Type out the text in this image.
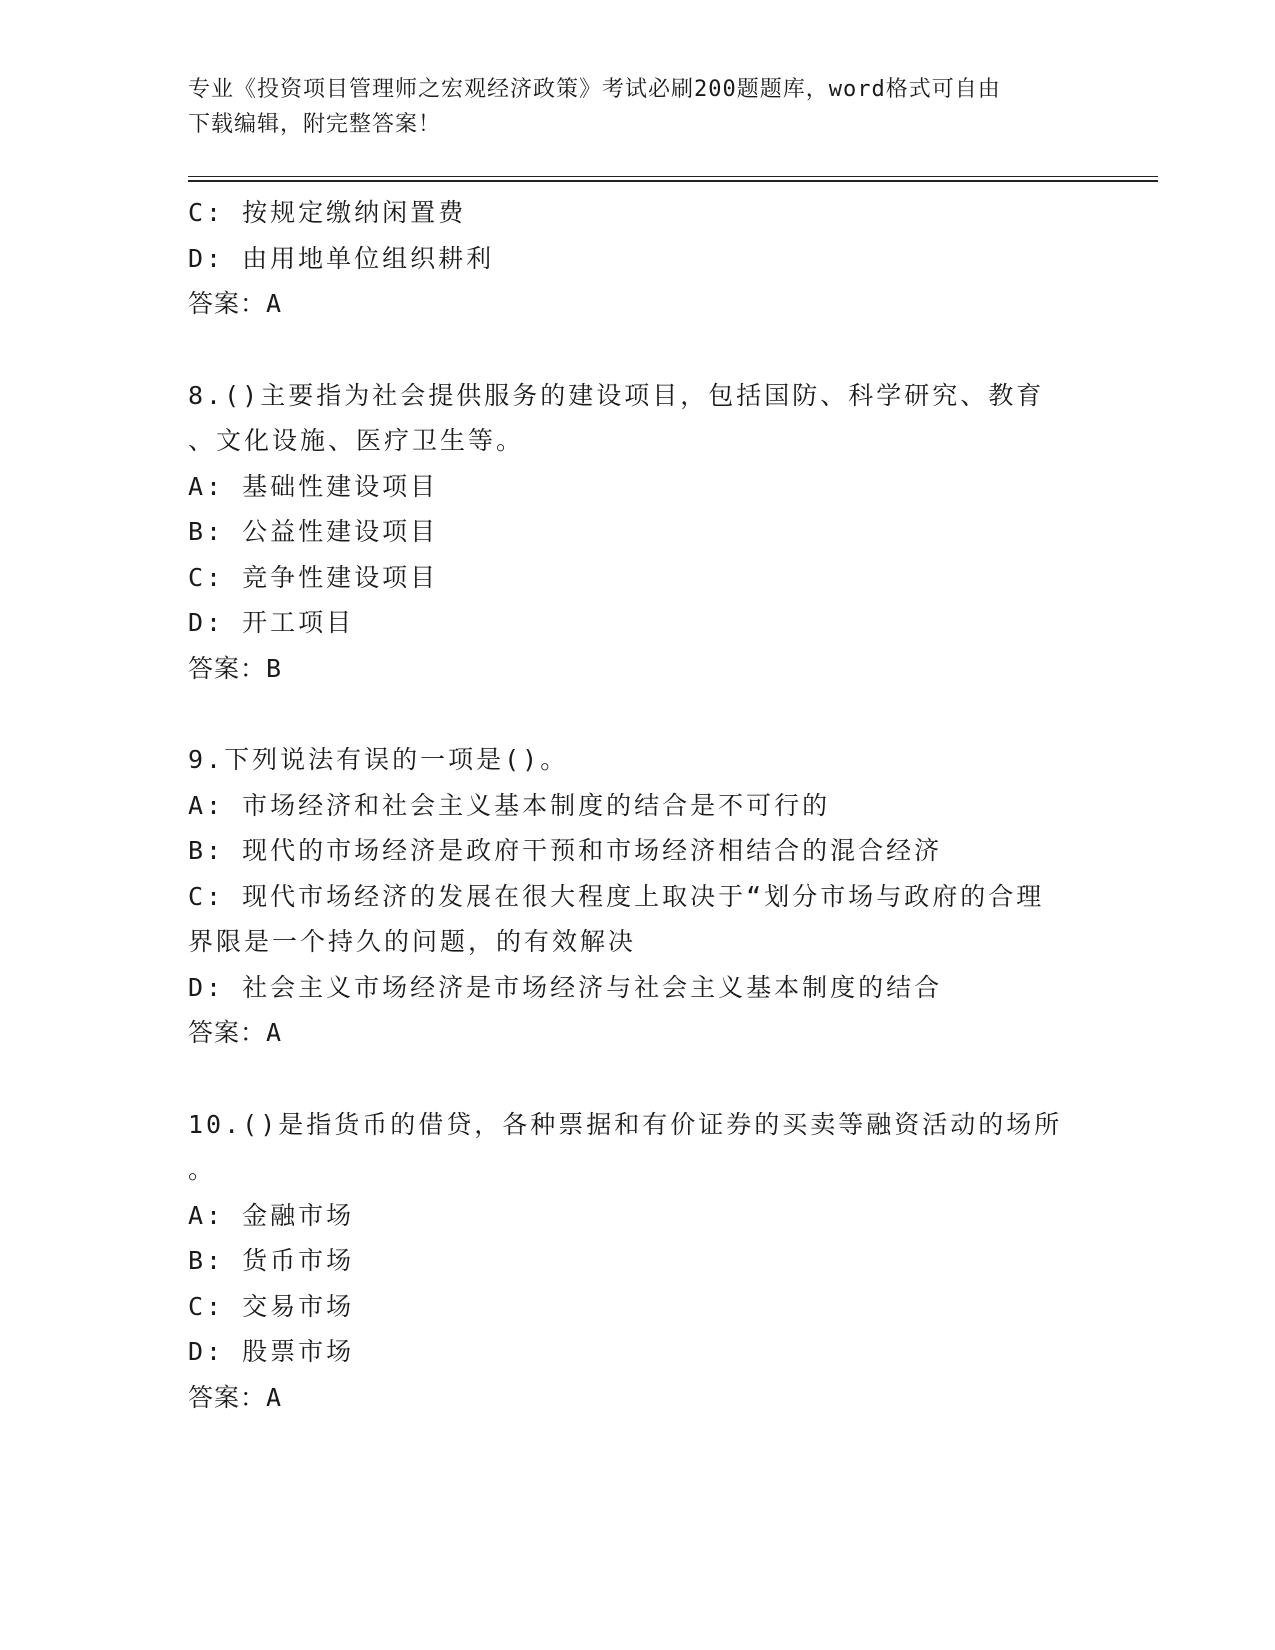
专业《投资项目管理师之宏观经济政策》考试必刷200题题库，word格式可自由
下载编辑，附完整答案！
C: 按规定缴纳闲置费
D: 由用地单位组织耕利
答案：A
8.()主要指为社会提供服务的建设项目，包括国防、科学研究、教育
、文化设施、医疗卫生等。
A: 基础性建设项目
B: 公益性建设项目
C: 竞争性建设项目
D: 开工项目
答案：B
9.下列说法有误的一项是()。
A: 市场经济和社会主义基本制度的结合是不可行的
B: 现代的市场经济是政府干预和市场经济相结合的混合经济
C: 现代市场经济的发展在很大程度上取决于“划分市场与政府的合理
界限是一个持久的问题，的有效解决
D: 社会主义市场经济是市场经济与社会主义基本制度的结合
答案：A
10.()是指货币的借贷，各种票据和有价证券的买卖等融资活动的场所
。
A: 金融市场
B: 货币市场
C: 交易市场
D: 股票市场
答案：A
